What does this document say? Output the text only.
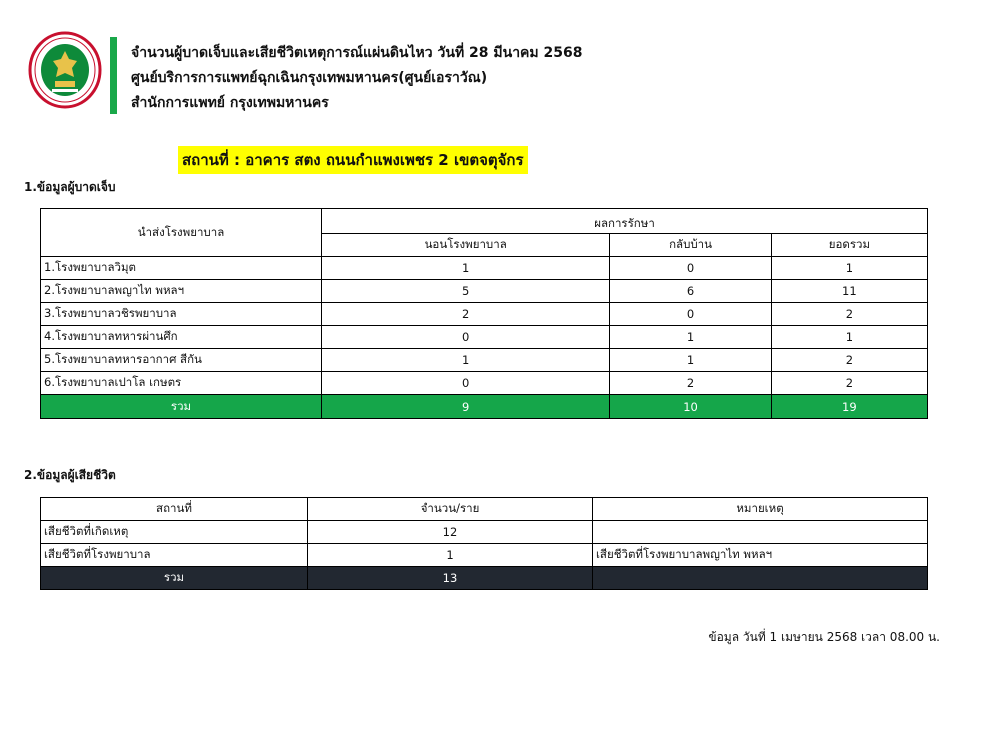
จำนวนผู้บาดเจ็บและเสียชีวิตเหตุการณ์แผ่นดินไหว วันที่ 28 มีนาคม 2568
ศูนย์บริการการแพทย์ฉุกเฉินกรุงเทพมหานคร(ศูนย์เอราวัณ)
สำนักการแพทย์ กรุงเทพมหานคร
สถานที่ : อาคาร สตง ถนนกำแพงเพชร 2 เขตจตุจักร
1.ข้อมูลผู้บาดเจ็บ
นำส่งโรงพยาบาล	ผลการรักษา		
	นอนโรงพยาบาล	กลับบ้าน	ยอดรวม
1.โรงพยาบาลวิมุต	1	0	1
2.โรงพยาบาลพญาไท พหลฯ	5	6	11
3.โรงพยาบาลวชิรพยาบาล	2	0	2
4.โรงพยาบาลทหารผ่านศึก	0	1	1
5.โรงพยาบาลทหารอากาศ สีกัน	1	1	2
6.โรงพยาบาลเปาโล เกษตร	0	2	2
รวม	9	10	19
2.ข้อมูลผู้เสียชีวิต
สถานที่	จำนวน/ราย	หมายเหตุ
เสียชีวิตที่เกิดเหตุ	12	
เสียชีวิตที่โรงพยาบาล	1	เสียชีวิตที่โรงพยาบาลพญาไท พหลฯ
รวม	13	
ข้อมูล วันที่ 1 เมษายน 2568 เวลา 08.00 น.
